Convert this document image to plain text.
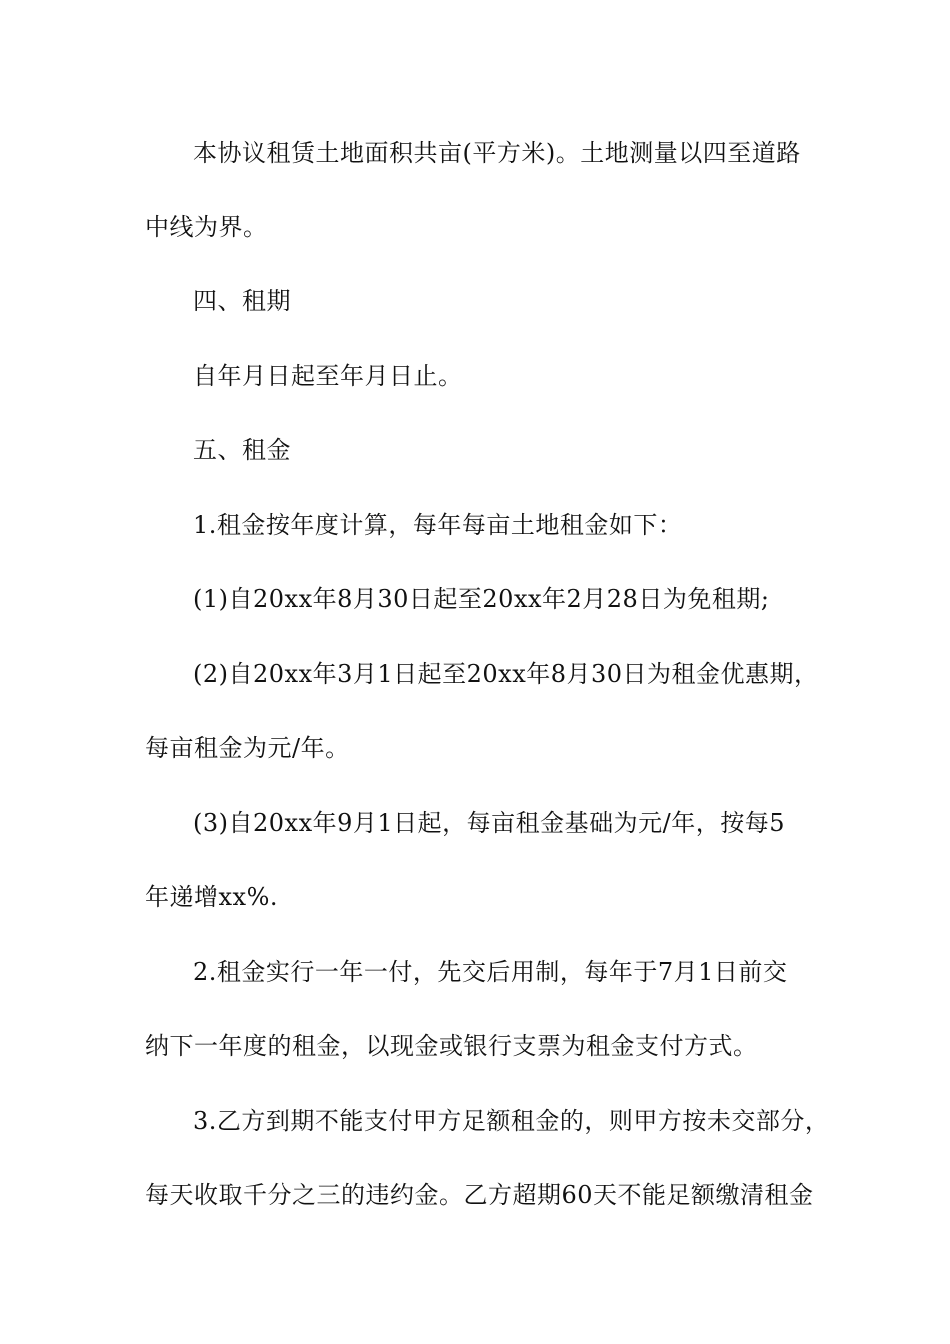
本协议租赁土地面积共亩(平方米)。土地测量以四至道路
中线为界。
四、租期
自年月日起至年月日止。
五、租金
1.租金按年度计算，每年每亩土地租金如下：
(1)自20xx年8月30日起至20xx年2月28日为免租期;
(2)自20xx年3月1日起至20xx年8月30日为租金优惠期，
每亩租金为元/年。
(3)自20xx年9月1日起，每亩租金基础为元/年，按每5
年递增xx%.
2.租金实行一年一付，先交后用制，每年于7月1日前交
纳下一年度的租金，以现金或银行支票为租金支付方式。
3.乙方到期不能支付甲方足额租金的，则甲方按未交部分，
每天收取千分之三的违约金。乙方超期60天不能足额缴清租金
